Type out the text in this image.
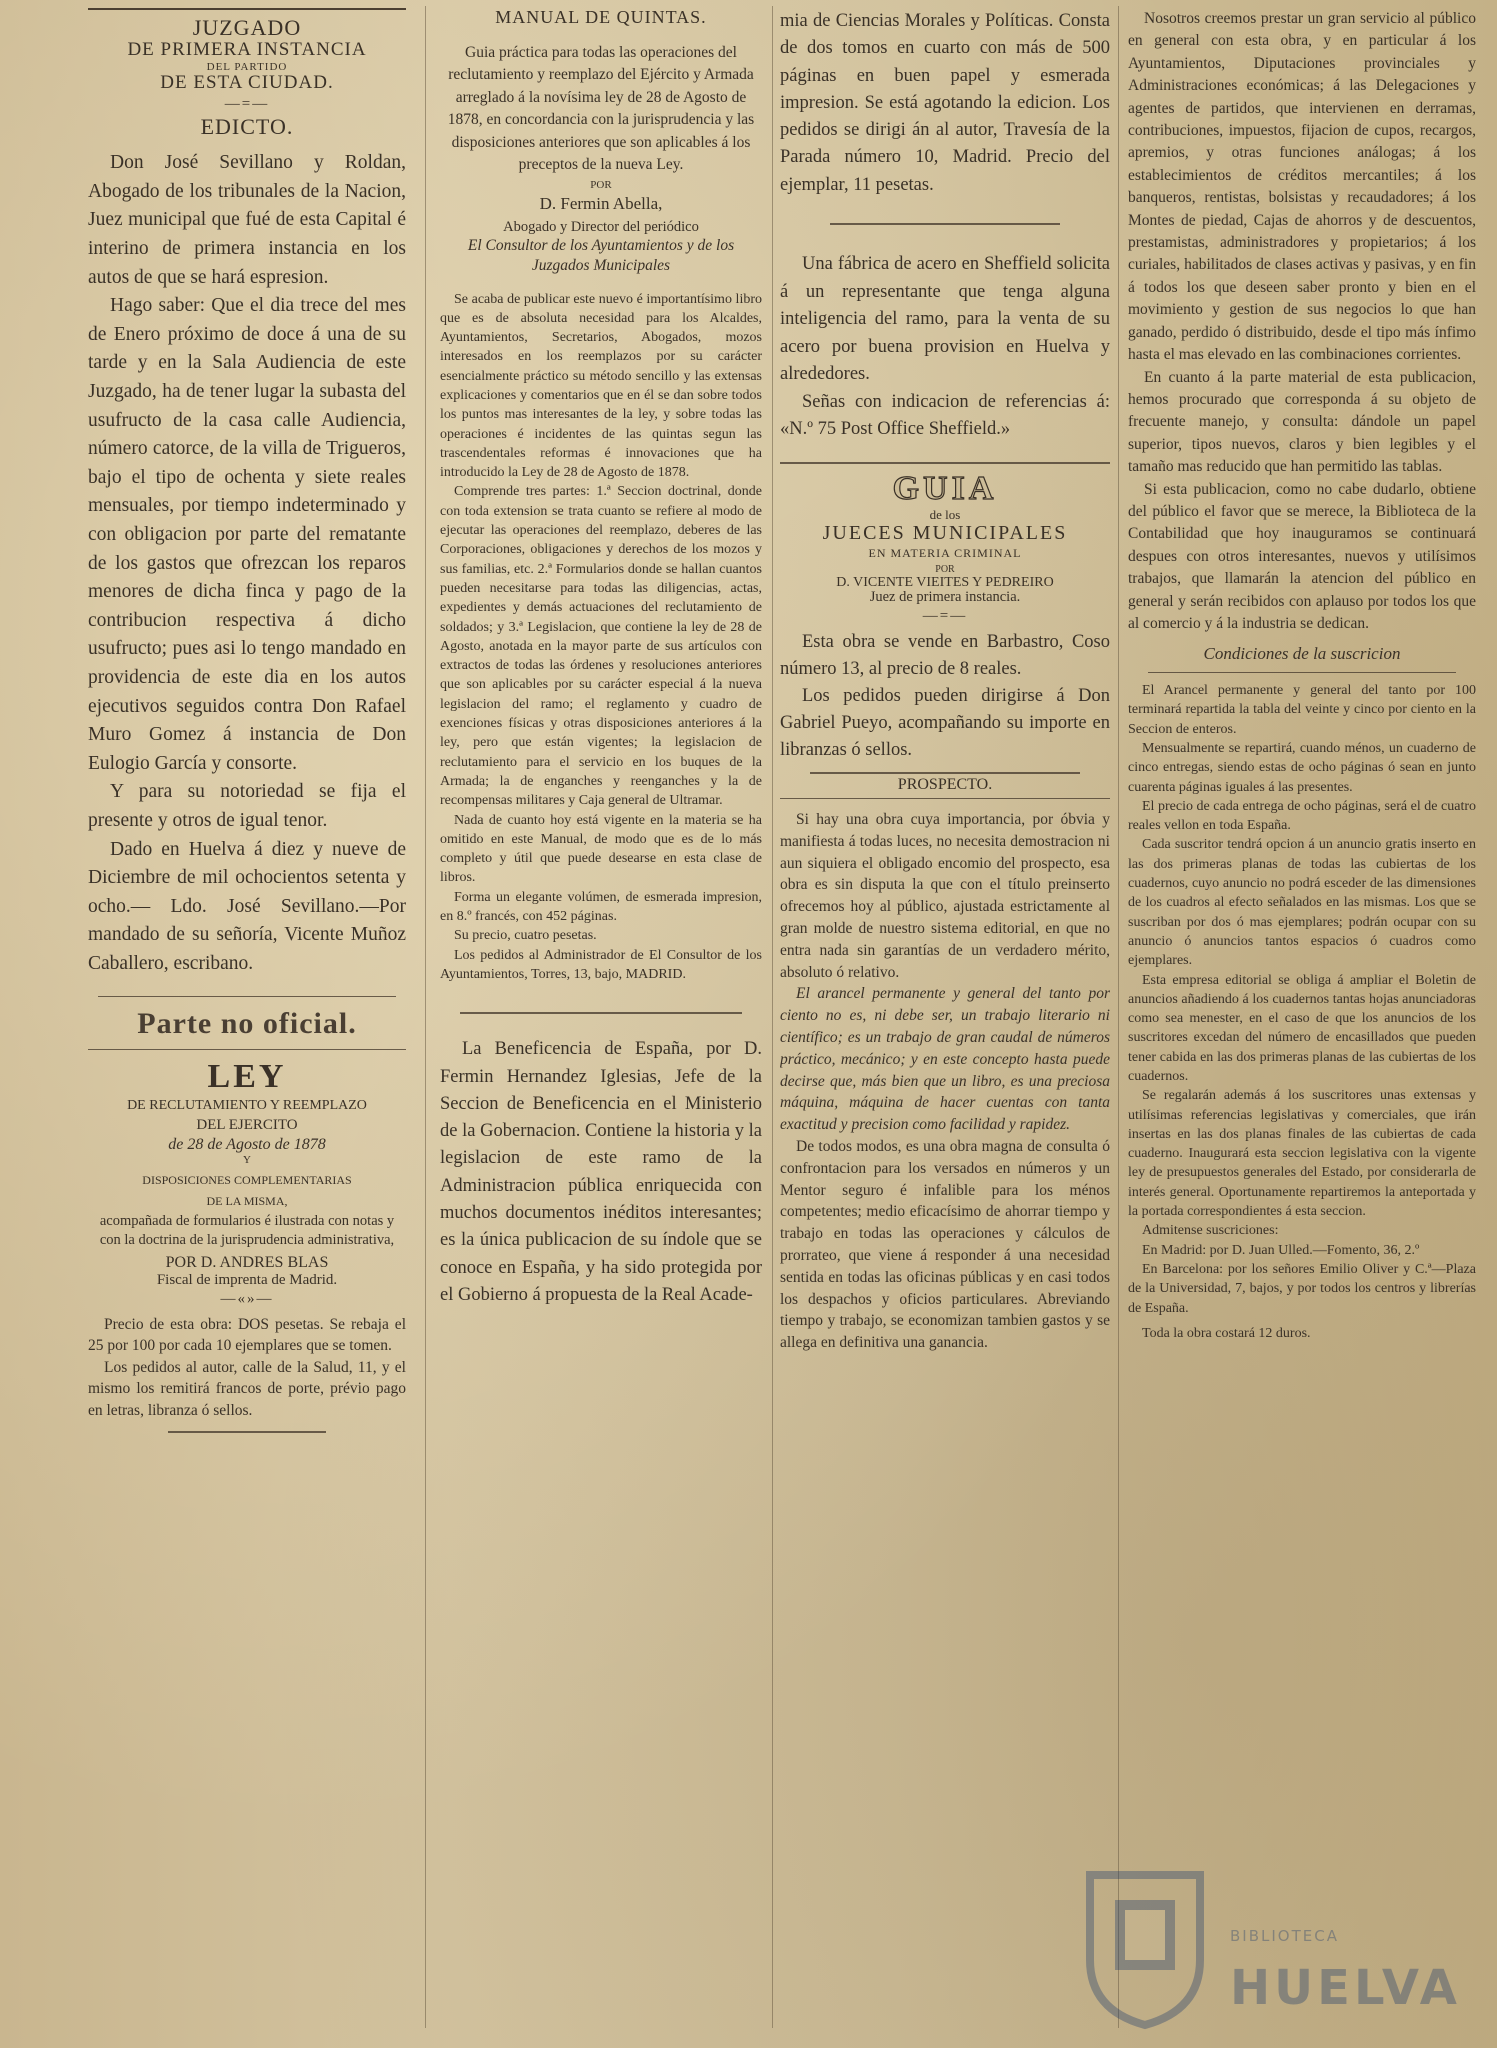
JUZGADO
DE PRIMERA INSTANCIA
DEL PARTIDO
DE ESTA CIUDAD.
—=—
EDICTO.

Don José Sevillano y Roldan, Abogado de los tribunales de la Nacion, Juez municipal que fué de esta Capital é interino de primera instancia en los autos de que se hará espresion.

Hago saber: Que el dia trece del mes de Enero próximo de doce á una de su tarde y en la Sala Audiencia de este Juzgado, ha de tener lugar la subasta del usufructo de la casa calle Audiencia, número catorce, de la villa de Trigueros, bajo el tipo de ochenta y siete reales mensuales, por tiempo indeterminado y con obligacion por parte del rematante de los gastos que ofrezcan los reparos menores de dicha finca y pago de la contribucion respectiva á dicho usufructo; pues asi lo tengo mandado en providencia de este dia en los autos ejecutivos seguidos contra Don Rafael Muro Gomez á instancia de Don Eulogio García y consorte.

Y para su notoriedad se fija el presente y otros de igual tenor.

Dado en Huelva á diez y nueve de Diciembre de mil ochocientos setenta y ocho.— Ldo. José Sevillano.—Por mandado de su señoría, Vicente Muñoz Caballero, escribano.

Parte no oficial.
LEY
DE RECLUTAMIENTO Y REEMPLAZO
DEL EJERCITO
de 28 de Agosto de 1878
Y
DISPOSICIONES COMPLEMENTARIAS
DE LA MISMA,
acompañada de formularios é ilustrada con notas y con la doctrina de la jurisprudencia administrativa,
POR D. ANDRES BLAS
Fiscal de imprenta de Madrid.
—«»—

Precio de esta obra: DOS pesetas. Se rebaja el 25 por 100 por cada 10 ejemplares que se tomen.

Los pedidos al autor, calle de la Salud, 11, y el mismo los remitirá francos de porte, prévio pago en letras, libranza ó sellos.

MANUAL DE QUINTAS.

Guia práctica para todas las operaciones del reclutamiento y reemplazo del Ejército y Armada arreglado á la novísima ley de 28 de Agosto de 1878, en concordancia con la jurisprudencia y las disposiciones anteriores que son aplicables á los preceptos de la nueva Ley.

POR
D. Fermin Abella,
Abogado y Director del periódico
El Consultor de los Ayuntamientos y de los Juzgados Municipales

Se acaba de publicar este nuevo é importantísimo libro que es de absoluta necesidad para los Alcaldes, Ayuntamientos, Secretarios, Abogados, mozos interesados en los reemplazos por su carácter esencialmente práctico su método sencillo y las extensas explicaciones y comentarios que en él se dan sobre todos los puntos mas interesantes de la ley, y sobre todas las operaciones é incidentes de las quintas segun las trascendentales reformas é innovaciones que ha introducido la Ley de 28 de Agosto de 1878.

Comprende tres partes: 1.ª Seccion doctrinal, donde con toda extension se trata cuanto se refiere al modo de ejecutar las operaciones del reemplazo, deberes de las Corporaciones, obligaciones y derechos de los mozos y sus familias, etc. 2.ª Formularios donde se hallan cuantos pueden necesitarse para todas las diligencias, actas, expedientes y demás actuaciones del reclutamiento de soldados; y 3.ª Legislacion, que contiene la ley de 28 de Agosto, anotada en la mayor parte de sus artículos con extractos de todas las órdenes y resoluciones anteriores que son aplicables por su carácter especial á la nueva legislacion del ramo; el reglamento y cuadro de exenciones físicas y otras disposiciones anteriores á la ley, pero que están vigentes; la legislacion de reclutamiento para el servicio en los buques de la Armada; la de enganches y reenganches y la de recompensas militares y Caja general de Ultramar.

Nada de cuanto hoy está vigente en la materia se ha omitido en este Manual, de modo que es de lo más completo y útil que puede desearse en esta clase de libros.

Forma un elegante volúmen, de esmerada impresion, en 8.º francés, con 452 páginas.

Su precio, cuatro pesetas.

Los pedidos al Administrador de El Consultor de los Ayuntamientos, Torres, 13, bajo, MADRID.

La Beneficencia de España, por D. Fermin Hernandez Iglesias, Jefe de la Seccion de Beneficencia en el Ministerio de la Gobernacion. Contiene la historia y la legislacion de este ramo de la Administracion pública enriquecida con muchos documentos inéditos interesantes; es la única publicacion de su índole que se conoce en España, y ha sido protegida por el Gobierno á propuesta de la Real Acade-

mia de Ciencias Morales y Políticas. Consta de dos tomos en cuarto con más de 500 páginas en buen papel y esmerada impresion. Se está agotando la edicion. Los pedidos se dirigi án al autor, Travesía de la Parada número 10, Madrid. Precio del ejemplar, 11 pesetas.

Una fábrica de acero en Sheffield solicita á un representante que tenga alguna inteligencia del ramo, para la venta de su acero por buena provision en Huelva y alrededores.

Señas con indicacion de referencias á: «N.º 75 Post Office Sheffield.»

GUIA
de los
JUECES MUNICIPALES
EN MATERIA CRIMINAL
POR
D. VICENTE VIEITES Y PEDREIRO
Juez de primera instancia.
—=—

Esta obra se vende en Barbastro, Coso número 13, al precio de 8 reales.

Los pedidos pueden dirigirse á Don Gabriel Pueyo, acompañando su importe en libranzas ó sellos.

PROSPECTO.

Si hay una obra cuya importancia, por óbvia y manifiesta á todas luces, no necesita demostracion ni aun siquiera el obligado encomio del prospecto, esa obra es sin disputa la que con el título preinserto ofrecemos hoy al público, ajustada estrictamente al gran molde de nuestro sistema editorial, en que no entra nada sin garantías de un verdadero mérito, absoluto ó relativo.

El arancel permanente y general del tanto por ciento no es, ni debe ser, un trabajo literario ni científico; es un trabajo de gran caudal de números práctico, mecánico; y en este concepto hasta puede decirse que, más bien que un libro, es una preciosa máquina, máquina de hacer cuentas con tanta exactitud y precision como facilidad y rapidez.

De todos modos, es una obra magna de consulta ó confrontacion para los versados en números y un Mentor seguro é infalible para los ménos competentes; medio eficacísimo de ahorrar tiempo y trabajo en todas las operaciones y cálculos de prorrateo, que viene á responder á una necesidad sentida en todas las oficinas públicas y en casi todos los despachos y oficios particulares. Abreviando tiempo y trabajo, se economizan tambien gastos y se allega en definitiva una ganancia.

Nosotros creemos prestar un gran servicio al público en general con esta obra, y en particular á los Ayuntamientos, Diputaciones provinciales y Administraciones económicas; á las Delegaciones y agentes de partidos, que intervienen en derramas, contribuciones, impuestos, fijacion de cupos, recargos, apremios, y otras funciones análogas; á los establecimientos de créditos mercantiles; á los banqueros, rentistas, bolsistas y recaudadores; á los Montes de piedad, Cajas de ahorros y de descuentos, prestamistas, administradores y propietarios; á los curiales, habilitados de clases activas y pasivas, y en fin á todos los que deseen saber pronto y bien en el movimiento y gestion de sus negocios lo que han ganado, perdido ó distribuido, desde el tipo más ínfimo hasta el mas elevado en las combinaciones corrientes.

En cuanto á la parte material de esta publicacion, hemos procurado que corresponda á su objeto de frecuente manejo, y consulta: dándole un papel superior, tipos nuevos, claros y bien legibles y el tamaño mas reducido que han permitido las tablas.

Si esta publicacion, como no cabe dudarlo, obtiene del público el favor que se merece, la Biblioteca de la Contabilidad que hoy inauguramos se continuará despues con otros interesantes, nuevos y utilísimos trabajos, que llamarán la atencion del público en general y serán recibidos con aplauso por todos los que al comercio y á la industria se dedican.

Condiciones de la suscricion

El Arancel permanente y general del tanto por 100 terminará repartida la tabla del veinte y cinco por ciento en la Seccion de enteros.

Mensualmente se repartirá, cuando ménos, un cuaderno de cinco entregas, siendo estas de ocho páginas ó sean en junto cuarenta páginas iguales á las presentes.

El precio de cada entrega de ocho páginas, será el de cuatro reales vellon en toda España.

Cada suscritor tendrá opcion á un anuncio gratis inserto en las dos primeras planas de todas las cubiertas de los cuadernos, cuyo anuncio no podrá esceder de las dimensiones de los cuadros al efecto señalados en las mismas. Los que se suscriban por dos ó mas ejemplares; podrán ocupar con su anuncio ó anuncios tantos espacios ó cuadros como ejemplares.

Esta empresa editorial se obliga á ampliar el Boletin de anuncios añadiendo á los cuadernos tantas hojas anunciadoras como sea menester, en el caso de que los anuncios de los suscritores excedan del número de encasillados que pueden tener cabida en las dos primeras planas de las cubiertas de los cuadernos.

Se regalarán además á los suscritores unas extensas y utilísimas referencias legislativas y comerciales, que irán insertas en las dos planas finales de las cubiertas de cada cuaderno. Inaugurará esta seccion legislativa con la vigente ley de presupuestos generales del Estado, por considerarla de interés general. Oportunamente repartiremos la anteportada y la portada correspondientes á esta seccion.

Admitense suscriciones:

En Madrid: por D. Juan Ulled.—Fomento, 36, 2.º

En Barcelona: por los señores Emilio Oliver y C.ª—Plaza de la Universidad, 7, bajos, y por todos los centros y librerías de España.

Toda la obra costará 12 duros.

BIBLIOTECA
HUELVA
